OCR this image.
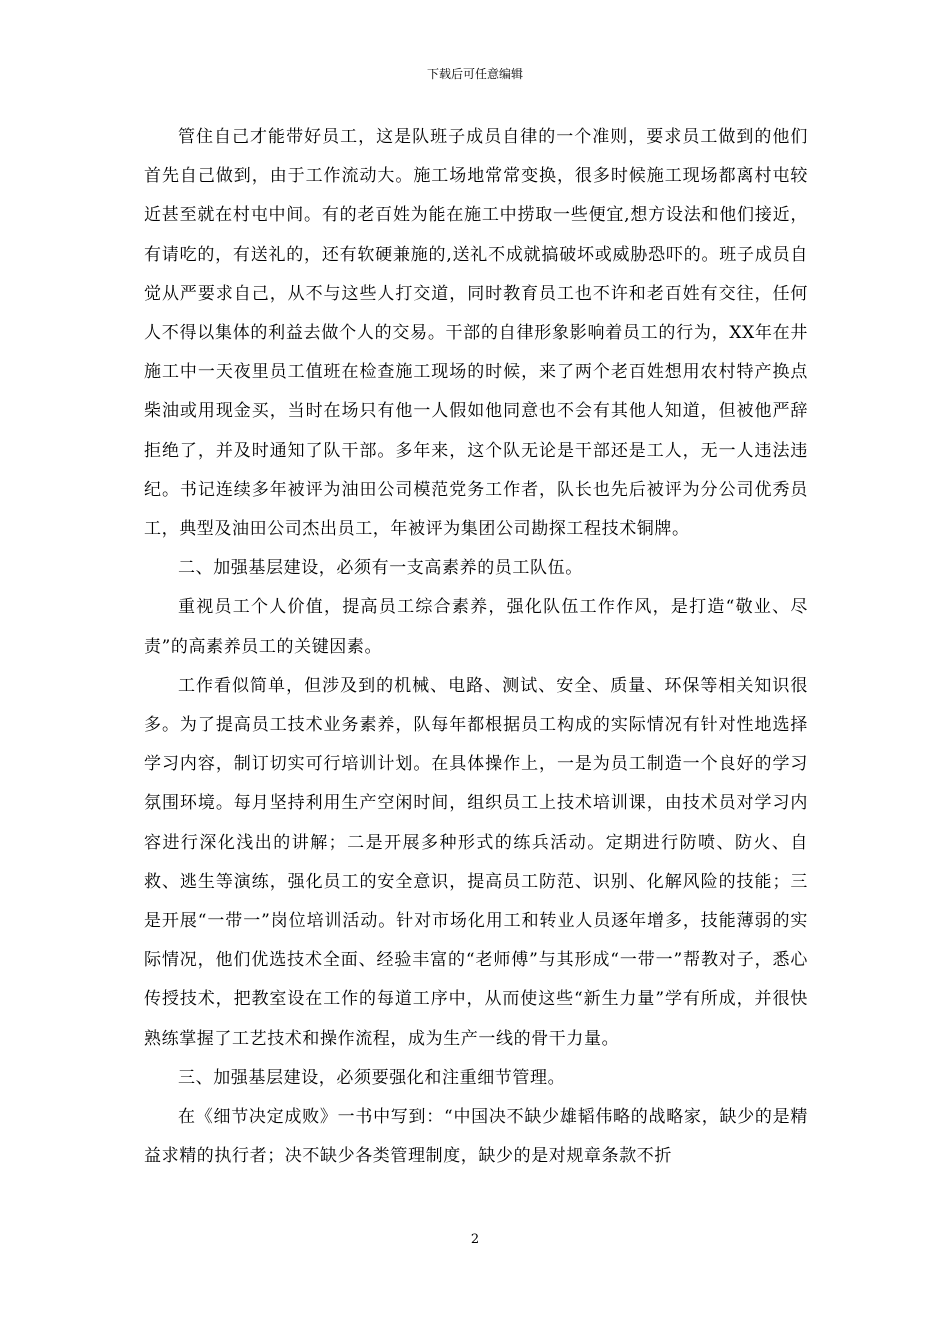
下载后可任意编辑

管住自己才能带好员工，这是队班子成员自律的一个准则，要求员工做到的他们首先自己做到，由于工作流动大。施工场地常常变换，很多时候施工现场都离村屯较近甚至就在村屯中间。有的老百姓为能在施工中捞取一些便宜,想方设法和他们接近，有请吃的，有送礼的，还有软硬兼施的,送礼不成就搞破坏或威胁恐吓的。班子成员自觉从严要求自己，从不与这些人打交道，同时教育员工也不许和老百姓有交往，任何人不得以集体的利益去做个人的交易。干部的自律形象影响着员工的行为，XX年在井施工中一天夜里员工值班在检查施工现场的时候，来了两个老百姓想用农村特产换点柴油或用现金买，当时在场只有他一人假如他同意也不会有其他人知道，但被他严辞拒绝了，并及时通知了队干部。多年来，这个队无论是干部还是工人，无一人违法违纪。书记连续多年被评为油田公司模范党务工作者，队长也先后被评为分公司优秀员工，典型及油田公司杰出员工，年被评为集团公司勘探工程技术铜牌。

二、加强基层建设，必须有一支高素养的员工队伍。

重视员工个人价值，提高员工综合素养，强化队伍工作作风，是打造“敬业、尽责”的高素养员工的关键因素。

工作看似简单，但涉及到的机械、电路、测试、安全、质量、环保等相关知识很多。为了提高员工技术业务素养，队每年都根据员工构成的实际情况有针对性地选择学习内容，制订切实可行培训计划。在具体操作上，一是为员工制造一个良好的学习氛围环境。每月坚持利用生产空闲时间，组织员工上技术培训课，由技术员对学习内容进行深化浅出的讲解；二是开展多种形式的练兵活动。定期进行防喷、防火、自救、逃生等演练，强化员工的安全意识，提高员工防范、识别、化解风险的技能；三是开展“一带一”岗位培训活动。针对市场化用工和转业人员逐年增多，技能薄弱的实际情况，他们优选技术全面、经验丰富的“老师傅”与其形成“一带一”帮教对子，悉心传授技术，把教室设在工作的每道工序中，从而使这些“新生力量”学有所成，并很快熟练掌握了工艺技术和操作流程，成为生产一线的骨干力量。

三、加强基层建设，必须要强化和注重细节管理。

在《细节决定成败》一书中写到：“中国决不缺少雄韬伟略的战略家，缺少的是精益求精的执行者；决不缺少各类管理制度，缺少的是对规章条款不折

2
